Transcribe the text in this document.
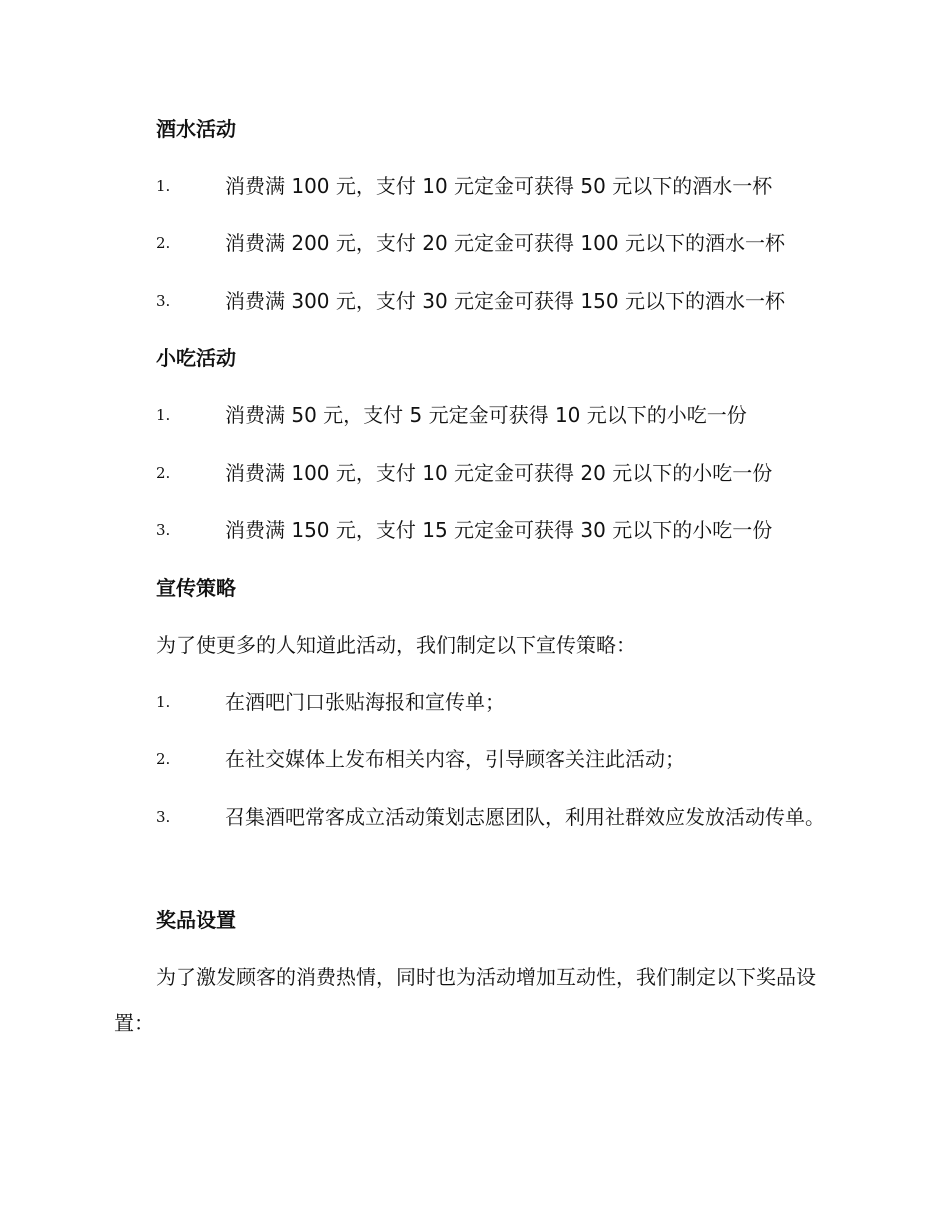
酒水活动
1.	消费满 100 元，支付 10 元定金可获得 50 元以下的酒水一杯
2.	消费满 200 元，支付 20 元定金可获得 100 元以下的酒水一杯
3.	消费满 300 元，支付 30 元定金可获得 150 元以下的酒水一杯
小吃活动
1.	消费满 50 元，支付 5 元定金可获得 10 元以下的小吃一份
2.	消费满 100 元，支付 10 元定金可获得 20 元以下的小吃一份
3.	消费满 150 元，支付 15 元定金可获得 30 元以下的小吃一份
宣传策略

为了使更多的人知道此活动，我们制定以下宣传策略：

1.	在酒吧门口张贴海报和宣传单；
2.	在社交媒体上发布相关内容，引导顾客关注此活动；

3.	召集酒吧常客成立活动策划志愿团队，利用社群效应发放活动传单。

奖品设置

为了激发顾客的消费热情，同时也为活动增加互动性，我们制定以下奖品设置：
